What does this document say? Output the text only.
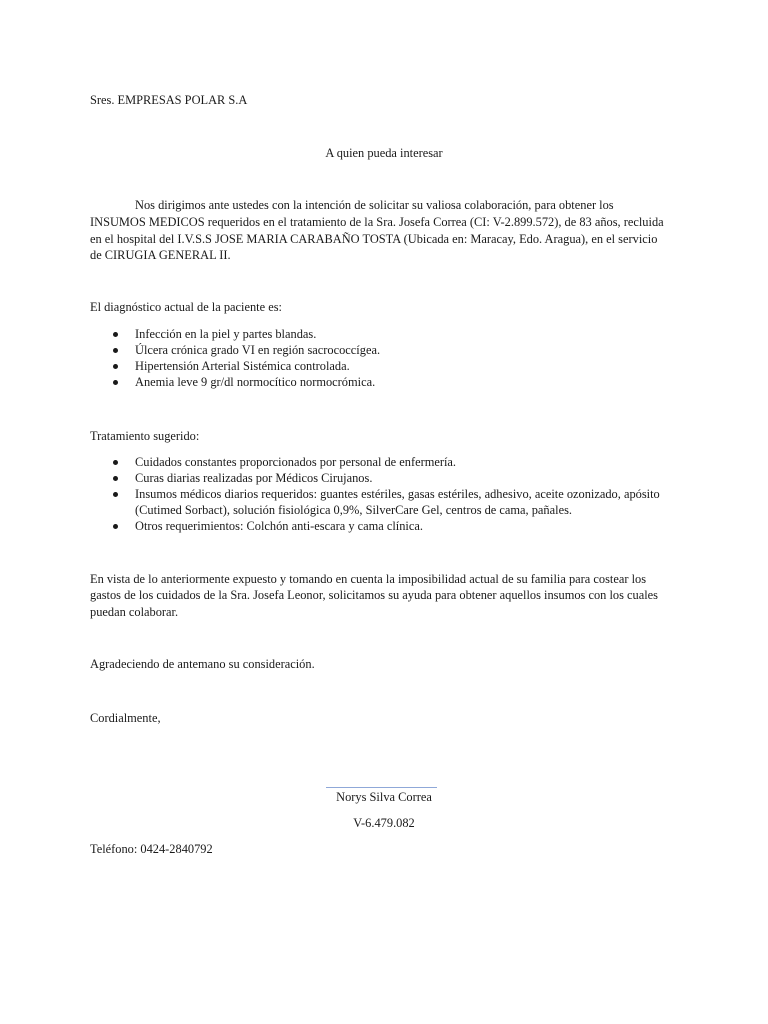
Sres. EMPRESAS POLAR S.A
A quien pueda interesar
Nos dirigimos ante ustedes con la intención de solicitar su valiosa colaboración, para obtener los
INSUMOS MEDICOS requeridos en el tratamiento de la Sra. Josefa Correa (CI: V-2.899.572), de 83 años, recluida
en el hospital del I.V.S.S JOSE MARIA CARABAÑO TOSTA (Ubicada en: Maracay, Edo. Aragua), en el servicio
de CIRUGIA GENERAL II.
El diagnóstico actual de la paciente es:
Infección en la piel y partes blandas.
Úlcera crónica grado VI en región sacrococcígea.
Hipertensión Arterial Sistémica controlada.
Anemia leve 9 gr/dl normocítico normocrómica.
Tratamiento sugerido:
Cuidados constantes proporcionados por personal de enfermería.
Curas diarias realizadas por Médicos Cirujanos.
Insumos médicos diarios requeridos: guantes estériles, gasas estériles, adhesivo, aceite ozonizado, apósito
(Cutimed Sorbact), solución fisiológica 0,9%, SilverCare Gel, centros de cama, pañales.
Otros requerimientos: Colchón anti-escara y cama clínica.
En vista de lo anteriormente expuesto y tomando en cuenta la imposibilidad actual de su familia para costear los
gastos de los cuidados de la Sra. Josefa Leonor, solicitamos su ayuda para obtener aquellos insumos con los cuales
puedan colaborar.
Agradeciendo de antemano su consideración.
Cordialmente,
Norys Silva Correa
V-6.479.082
Teléfono: 0424-2840792
